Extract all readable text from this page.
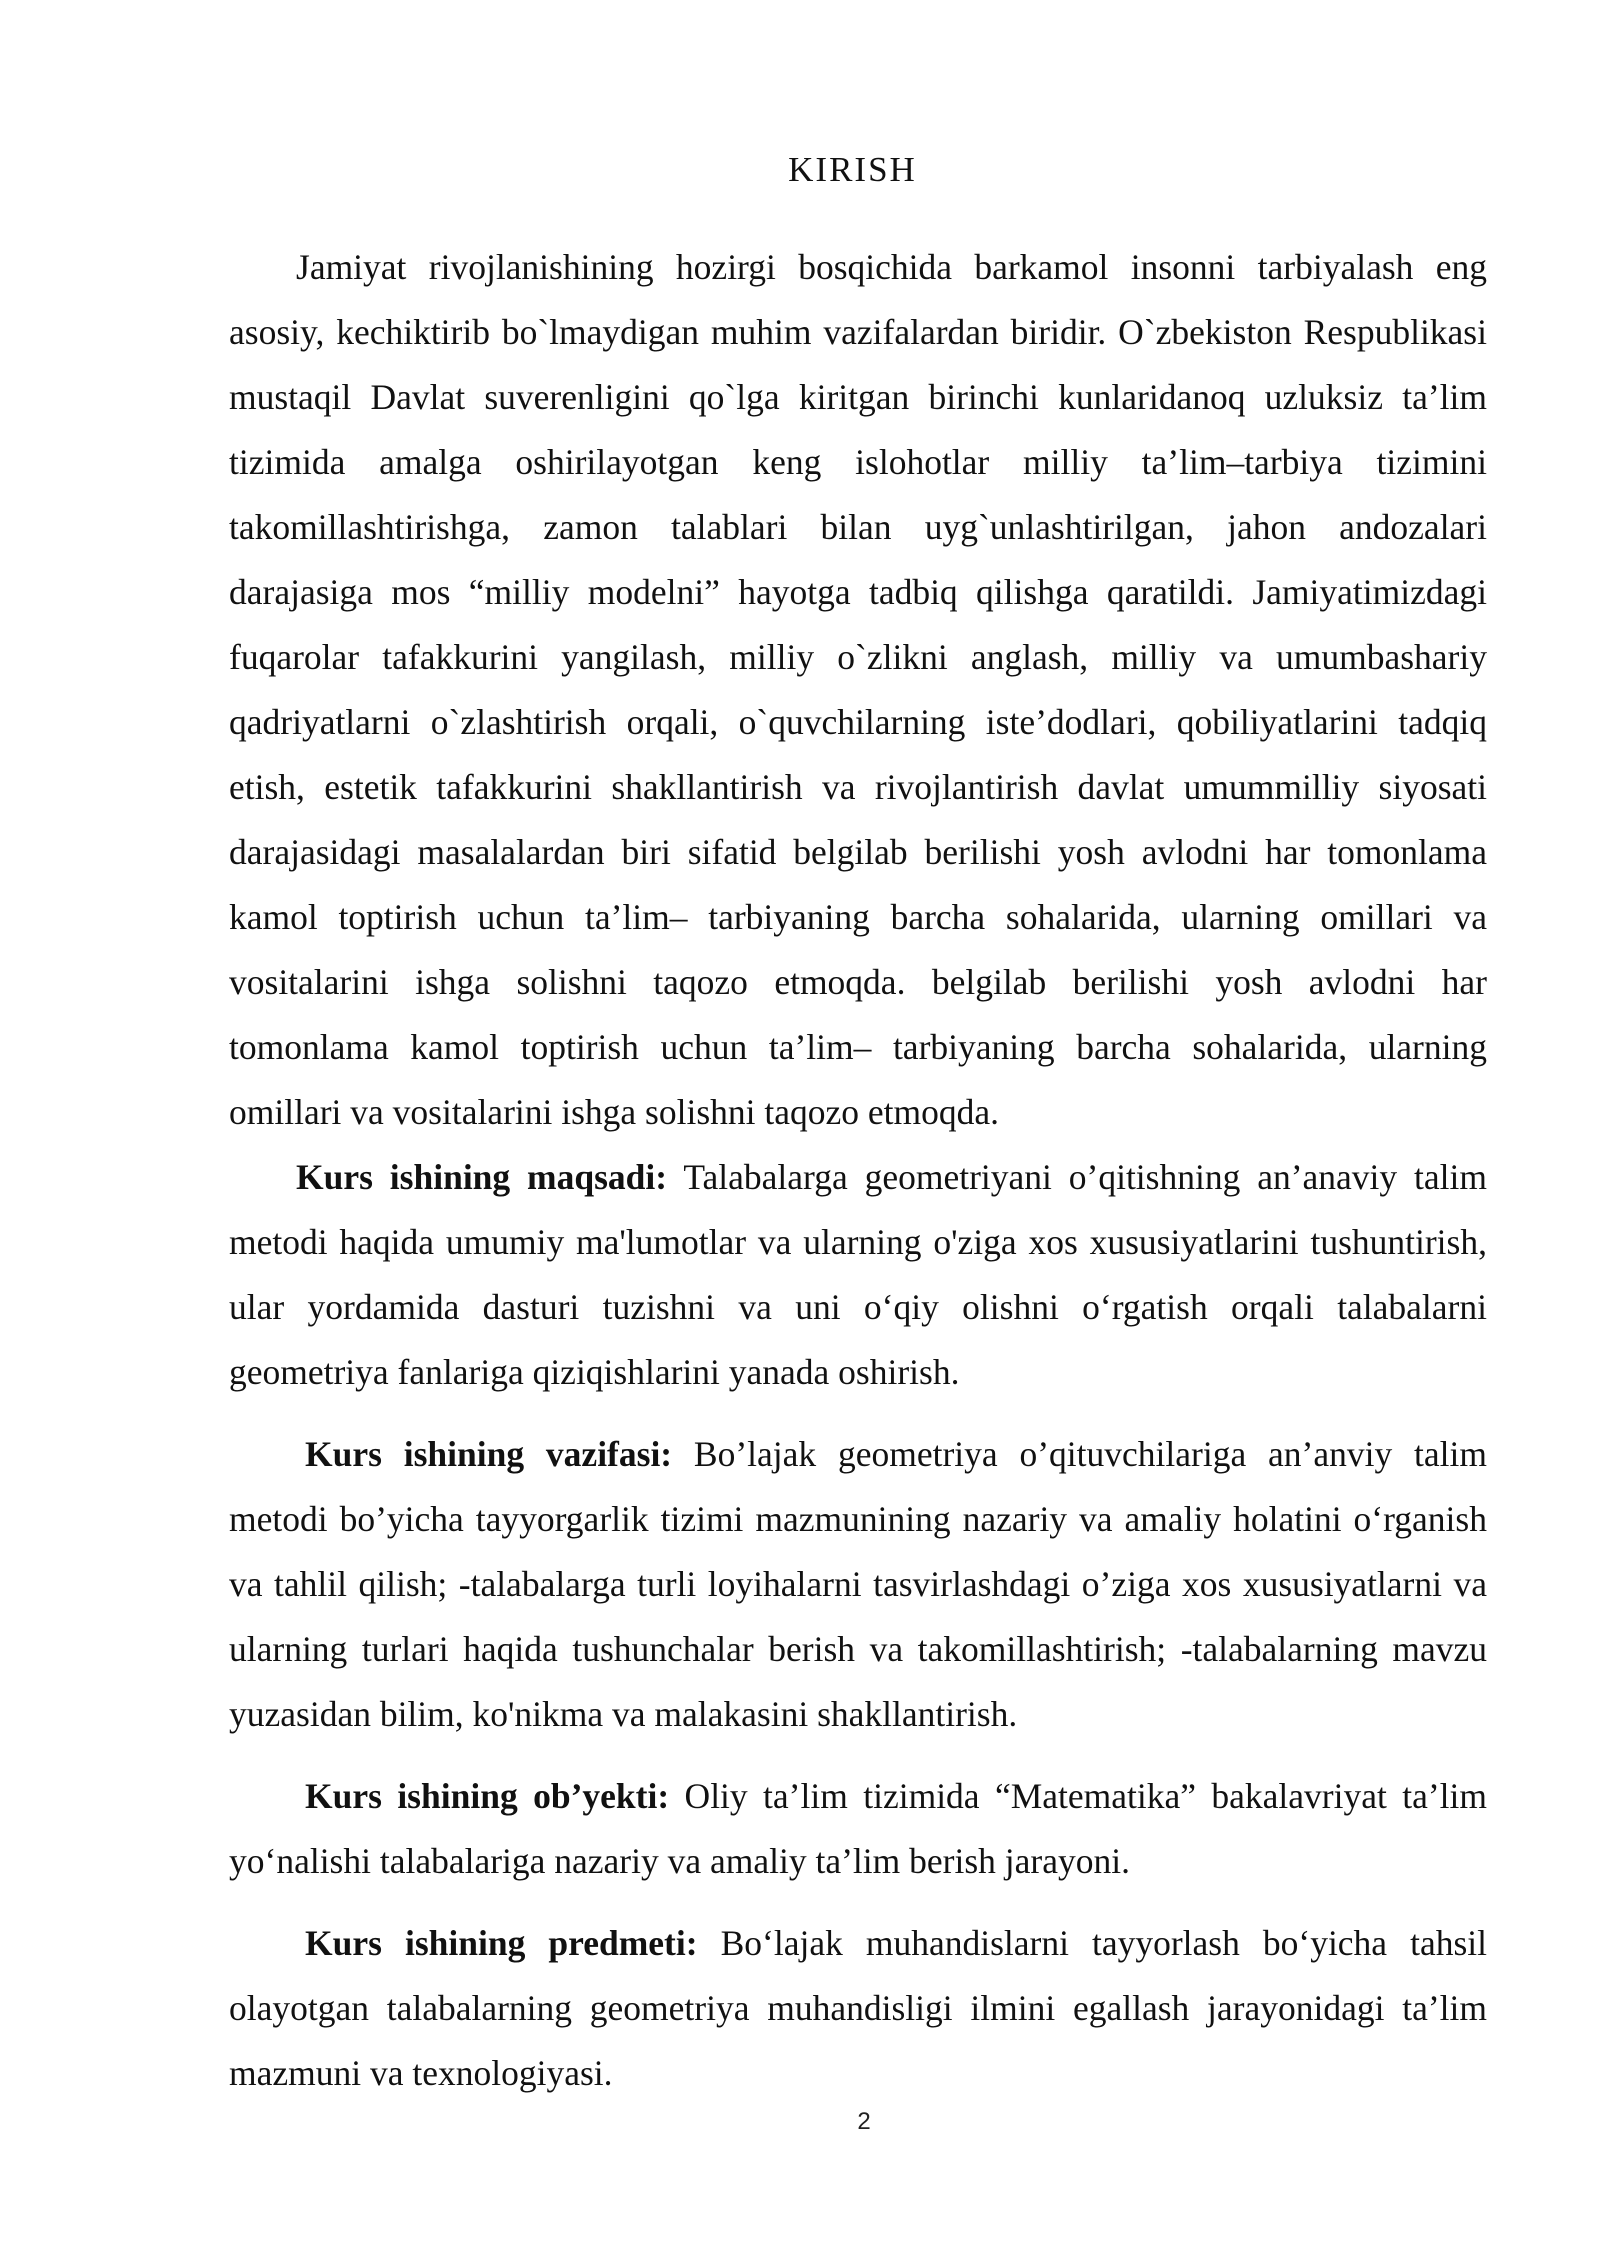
KIRISH

Jamiyat rivojlanishining hozirgi bosqichida barkamol insonni tarbiyalash eng asosiy, kechiktirib bo`lmaydigan muhim vazifalardan biridir. O`zbekiston Respublikasi mustaqil Davlat suverenligini qo`lga kiritgan birinchi kunlaridanoq uzluksiz ta’lim tizimida amalga oshirilayotgan keng islohotlar milliy ta’lim–tarbiya tizimini takomillashtirishga, zamon talablari bilan uyg`unlashtirilgan, jahon andozalari darajasiga mos “milliy modelni” hayotga tadbiq qilishga qaratildi. Jamiyatimizdagi fuqarolar tafakkurini yangilash, milliy o`zlikni anglash, milliy va umumbashariy qadriyatlarni o`zlashtirish orqali, o`quvchilarning iste’dodlari, qobiliyatlarini tadqiq etish, estetik tafakkurini shakllantirish va rivojlantirish davlat umummilliy siyosati darajasidagi masalalardan biri sifatid belgilab berilishi yosh avlodni har tomonlama kamol toptirish uchun ta’lim– tarbiyaning barcha sohalarida, ularning omillari va vositalarini ishga solishni taqozo etmoqda. belgilab berilishi yosh avlodni har tomonlama kamol toptirish uchun ta’lim– tarbiyaning barcha sohalarida, ularning omillari va vositalarini ishga solishni taqozo etmoqda.

Kurs ishining maqsadi: Talabalarga geometriyani o’qitishning an’anaviy talim metodi haqida umumiy ma'lumotlar va ularning o'ziga xos xususiyatlarini tushuntirish, ular yordamida dasturi tuzishni va uni o‘qiy olishni o‘rgatish orqali talabalarni geometriya fanlariga qiziqishlarini yanada oshirish.

Kurs ishining vazifasi: Bo’lajak geometriya o’qituvchilariga an’anviy talim metodi bo’yicha tayyorgarlik tizimi mazmunining nazariy va amaliy holatini o‘rganish va tahlil qilish; -talabalarga turli loyihalarni tasvirlashdagi o’ziga xos xususiyatlarni va ularning turlari haqida tushunchalar berish va takomillashtirish; -talabalarning mavzu yuzasidan bilim, ko'nikma va malakasini shakllantirish.

Kurs ishining ob’yekti: Oliy ta’lim tizimida “Matematika” bakalavriyat ta’lim yo‘nalishi talabalariga nazariy va amaliy ta’lim berish jarayoni.

Kurs ishining predmeti: Bo‘lajak muhandislarni tayyorlash bo‘yicha tahsil olayotgan talabalarning geometriya muhandisligi ilmini egallash jarayonidagi ta’lim mazmuni va texnologiyasi.

2
